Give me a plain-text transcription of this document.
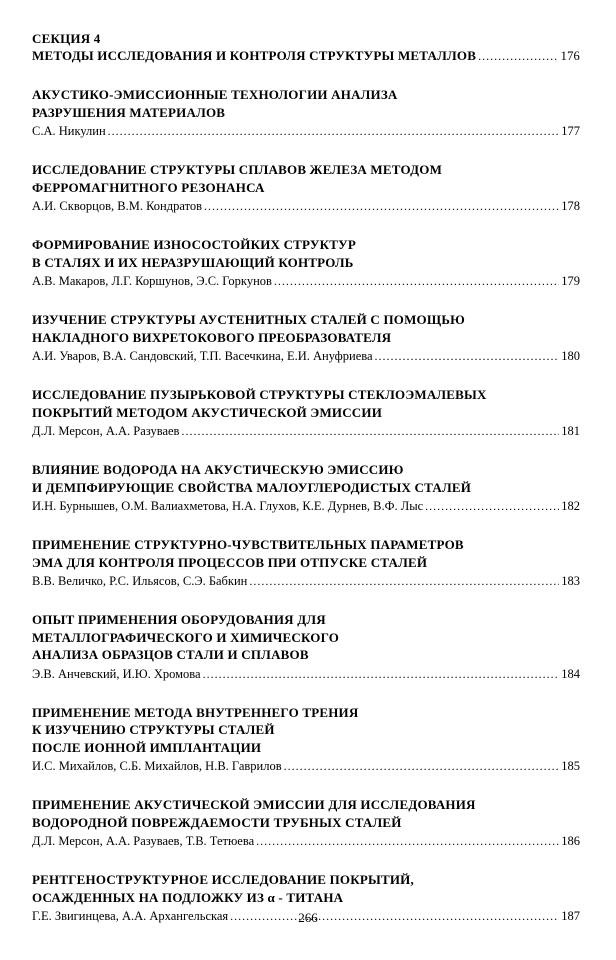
СЕКЦИЯ 4
МЕТОДЫ ИССЛЕДОВАНИЯ И КОНТРОЛЯ СТРУКТУРЫ МЕТАЛЛОВ .....	176
АКУСТИКО-ЭМИССИОННЫЕ ТЕХНОЛОГИИ АНАЛИЗА
РАЗРУШЕНИЯ МАТЕРИАЛОВ
С.А. Никулин .....	177
ИССЛЕДОВАНИЕ СТРУКТУРЫ СПЛАВОВ ЖЕЛЕЗА МЕТОДОМ
ФЕРРОМАГНИТНОГО РЕЗОНАНСА
А.И. Скворцов, В.М. Кондратов .....	178
ФОРМИРОВАНИЕ ИЗНОСОСТОЙКИХ СТРУКТУР
В СТАЛЯХ И ИХ НЕРАЗРУШАЮЩИЙ КОНТРОЛЬ
А.В. Макаров, Л.Г. Коршунов, Э.С. Горкунов .....	179
ИЗУЧЕНИЕ СТРУКТУРЫ АУСТЕНИТНЫХ СТАЛЕЙ С ПОМОЩЬЮ
НАКЛАДНОГО ВИХРЕТОКОВОГО ПРЕОБРАЗОВАТЕЛЯ
А.И. Уваров, В.А. Сандовский, Т.П. Васечкина, Е.И. Ануфриева .....	180
ИССЛЕДОВАНИЕ ПУЗЫРЬКОВОЙ СТРУКТУРЫ СТЕКЛОЭМАЛЕВЫХ
ПОКРЫТИЙ МЕТОДОМ АКУСТИЧЕСКОЙ ЭМИССИИ
Д.Л. Мерсон, А.А. Разуваев .....	181
ВЛИЯНИЕ ВОДОРОДА НА АКУСТИЧЕСКУЮ ЭМИССИЮ
И ДЕМПФИРУЮЩИЕ СВОЙСТВА МАЛОУГЛЕРОДИСТЫХ СТАЛЕЙ
И.Н. Бурнышев, О.М. Валиахметова, Н.А. Глухов, К.Е. Дурнев, В.Ф. Лыс .....	182
ПРИМЕНЕНИЕ СТРУКТУРНО-ЧУВСТВИТЕЛЬНЫХ ПАРАМЕТРОВ
ЭМА ДЛЯ КОНТРОЛЯ ПРОЦЕССОВ ПРИ ОТПУСКЕ СТАЛЕЙ
В.В. Величко, Р.С. Ильясов, С.Э. Бабкин .....	183
ОПЫТ ПРИМЕНЕНИЯ ОБОРУДОВАНИЯ ДЛЯ
МЕТАЛЛОГРАФИЧЕСКОГО И ХИМИЧЕСКОГО
АНАЛИЗА ОБРАЗЦОВ СТАЛИ И СПЛАВОВ
Э.В. Анчевский, И.Ю. Хромова .....	184
ПРИМЕНЕНИЕ МЕТОДА ВНУТРЕННЕГО ТРЕНИЯ
К ИЗУЧЕНИЮ СТРУКТУРЫ СТАЛЕЙ
ПОСЛЕ ИОННОЙ ИМПЛАНТАЦИИ
И.С. Михайлов, С.Б. Михайлов, Н.В. Гаврилов .....	185
ПРИМЕНЕНИЕ АКУСТИЧЕСКОЙ ЭМИССИИ ДЛЯ ИССЛЕДОВАНИЯ
ВОДОРОДНОЙ ПОВРЕЖДАЕМОСТИ ТРУБНЫХ СТАЛЕЙ
Д.Л. Мерсон, А.А. Разуваев, Т.В. Тетюева .....	186
РЕНТГЕНОСТРУКТУРНОЕ ИССЛЕДОВАНИЕ ПОКРЫТИЙ,
ОСАЖДЕННЫХ НА ПОДЛОЖКУ ИЗ α - ТИТАНА
Г.Е. Звигинцева, А.А. Архангельская .....	187
266
